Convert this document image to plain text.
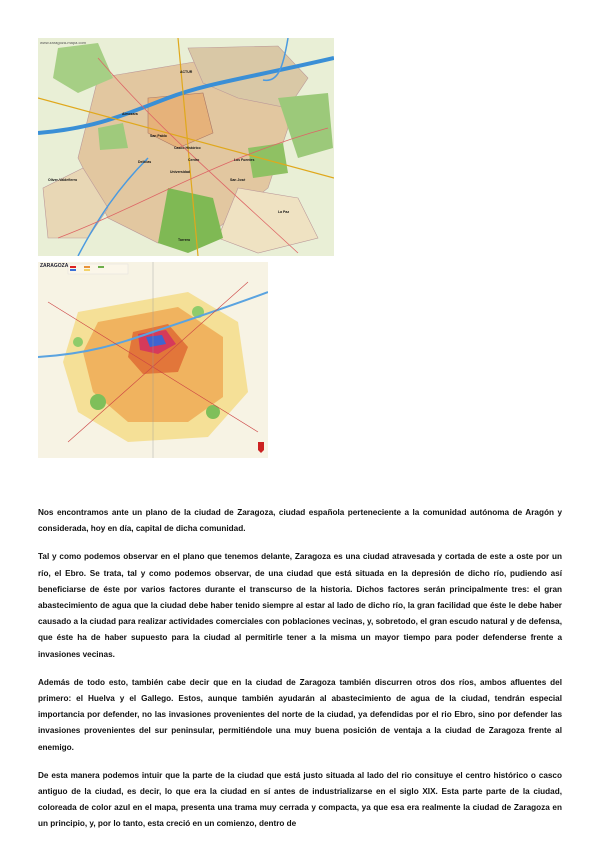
www.zaragoza-mapa.com
ACTUR
Almozara
San Pablo
Casco Histórico
Centro
Universidad
Delicias
Oliver-Valdefierro
Torrero
Las Fuentes
San José
La Paz
ZARAGOZA

Nos encontramos ante un plano de la ciudad de Zaragoza, ciudad española perteneciente a la comunidad autónoma de Aragón y considerada, hoy en día, capital de dicha comunidad.

Tal y como podemos observar en el plano que tenemos delante, Zaragoza es una ciudad atravesada y cortada de este a oste por un río, el Ebro. Se trata, tal y como podemos observar, de una ciudad que está situada en la depresión de dicho río, pudiendo así beneficiarse de éste por varios factores durante el transcurso de la historia. Dichos factores serán principalmente tres: el gran abastecimiento de agua que la ciudad debe haber tenido siempre al estar al lado de dicho río, la gran facilidad que éste le debe haber causado a la ciudad para realizar actividades comerciales con poblaciones vecinas, y, sobretodo, el gran escudo natural y de defensa, que éste ha de haber supuesto para la ciudad al permitirle tener a la misma un mayor tiempo para poder defenderse frente a invasiones vecinas.

Además de todo esto, también cabe decir que en la ciudad de Zaragoza también discurren otros dos ríos, ambos afluentes del primero: el Huelva y el Gallego. Estos, aunque también ayudarán al abastecimiento de agua de la ciudad, tendrán especial importancia por defender, no las invasiones provenientes del norte de la ciudad, ya defendidas por el rio Ebro, sino por defender las invasiones provenientes del sur peninsular, permitiéndole una muy buena posición de ventaja a la ciudad de Zaragoza frente al enemigo.

De esta manera podemos intuir que la parte de la ciudad que está justo situada al lado del rio consituye el centro histórico o casco antiguo de la ciudad, es decir, lo que era la ciudad en sí antes de industrializarse en el siglo XIX. Esta parte parte de la ciudad, coloreada de color azul en el mapa, presenta una trama muy cerrada y compacta, ya que esa era realmente la ciudad de Zaragoza en un principio, y, por lo tanto, esta creció en un comienzo, dentro de
